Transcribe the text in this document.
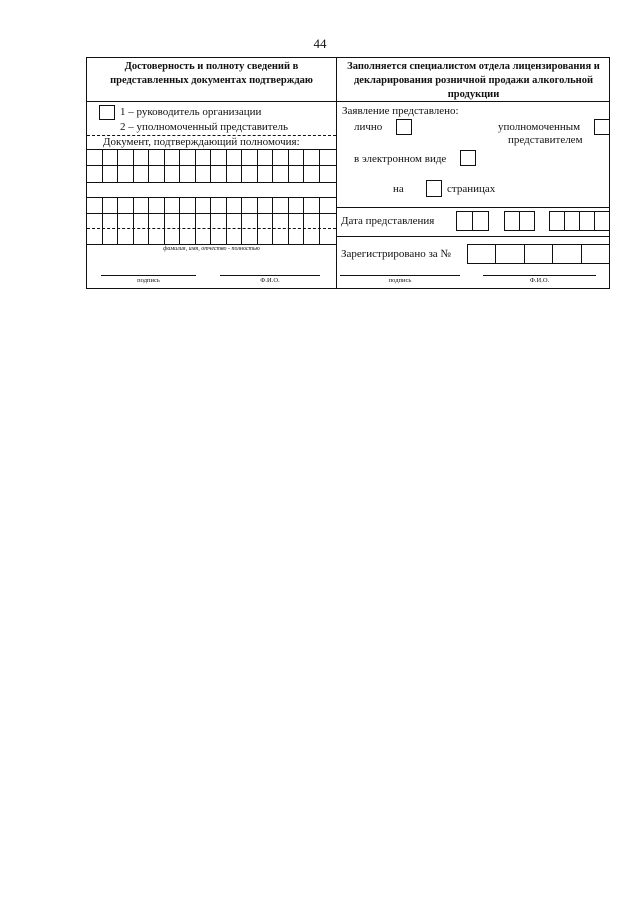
44
Достоверность и полноту сведений в представленных документах подтверждаю
Заполняется специалистом отдела лицензирования и декларирования розничной продажи алкогольной продукции
1 – руководитель организации
2 – уполномоченный представитель
Документ, подтверждающий полномочия:
фамилия, имя, отчество - полностью
подпись	Ф.И.О.
Заявление представлено:
лично	уполномоченным
представителем
в электронном виде
на	страницах
Дата представления
Зарегистрировано за №
подпись	Ф.И.О.
